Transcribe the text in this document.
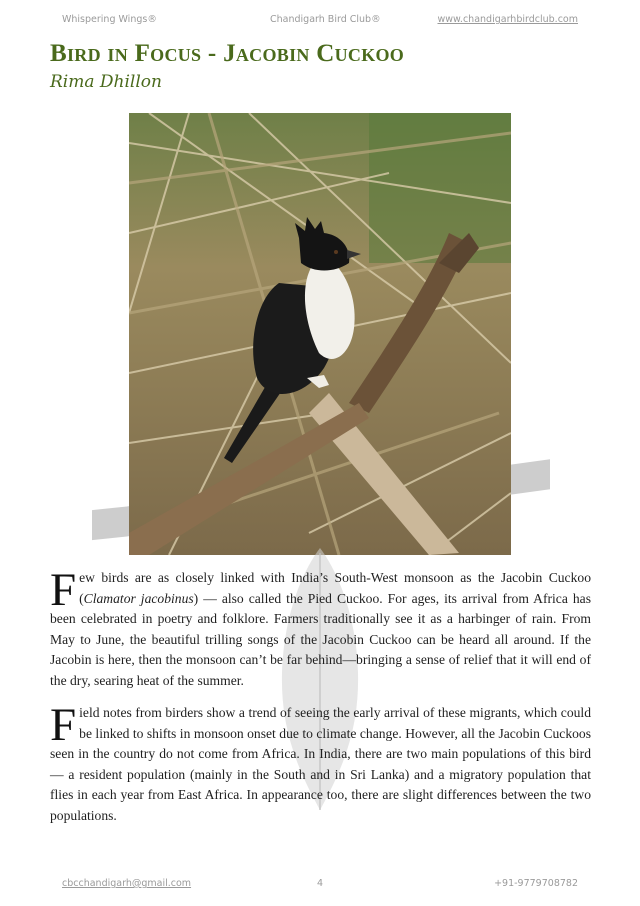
Whispering Wings®	Chandigarh Bird Club®	www.chandigarhbirdclub.com
Bird in Focus - Jacobin Cuckoo
Rima Dhillon
Few birds are as closely linked with India’s South-West monsoon as the Jacobin Cuckoo (Clamator jacobinus) — also called the Pied Cuckoo. For ages, its arrival from Africa has been celebrated in poetry and folklore. Farmers traditionally see it as a harbinger of rain. From May to June, the beautiful trilling songs of the Jacobin Cuckoo can be heard all around. If the Jacobin is here, then the monsoon can’t be far behind—bringing a sense of relief that it will end of the dry, searing heat of the summer.
Field notes from birders show a trend of seeing the early arrival of these migrants, which could be linked to shifts in monsoon onset due to climate change. However, all the Jacobin Cuckoos seen in the country do not come from Africa. In India, there are two main populations of this bird— a resident population (mainly in the South and in Sri Lanka) and a migratory population that flies in each year from East Africa. In appearance too, there are slight differences between the two populations.
cbcchandigarh@gmail.com	4	+91-9779708782
